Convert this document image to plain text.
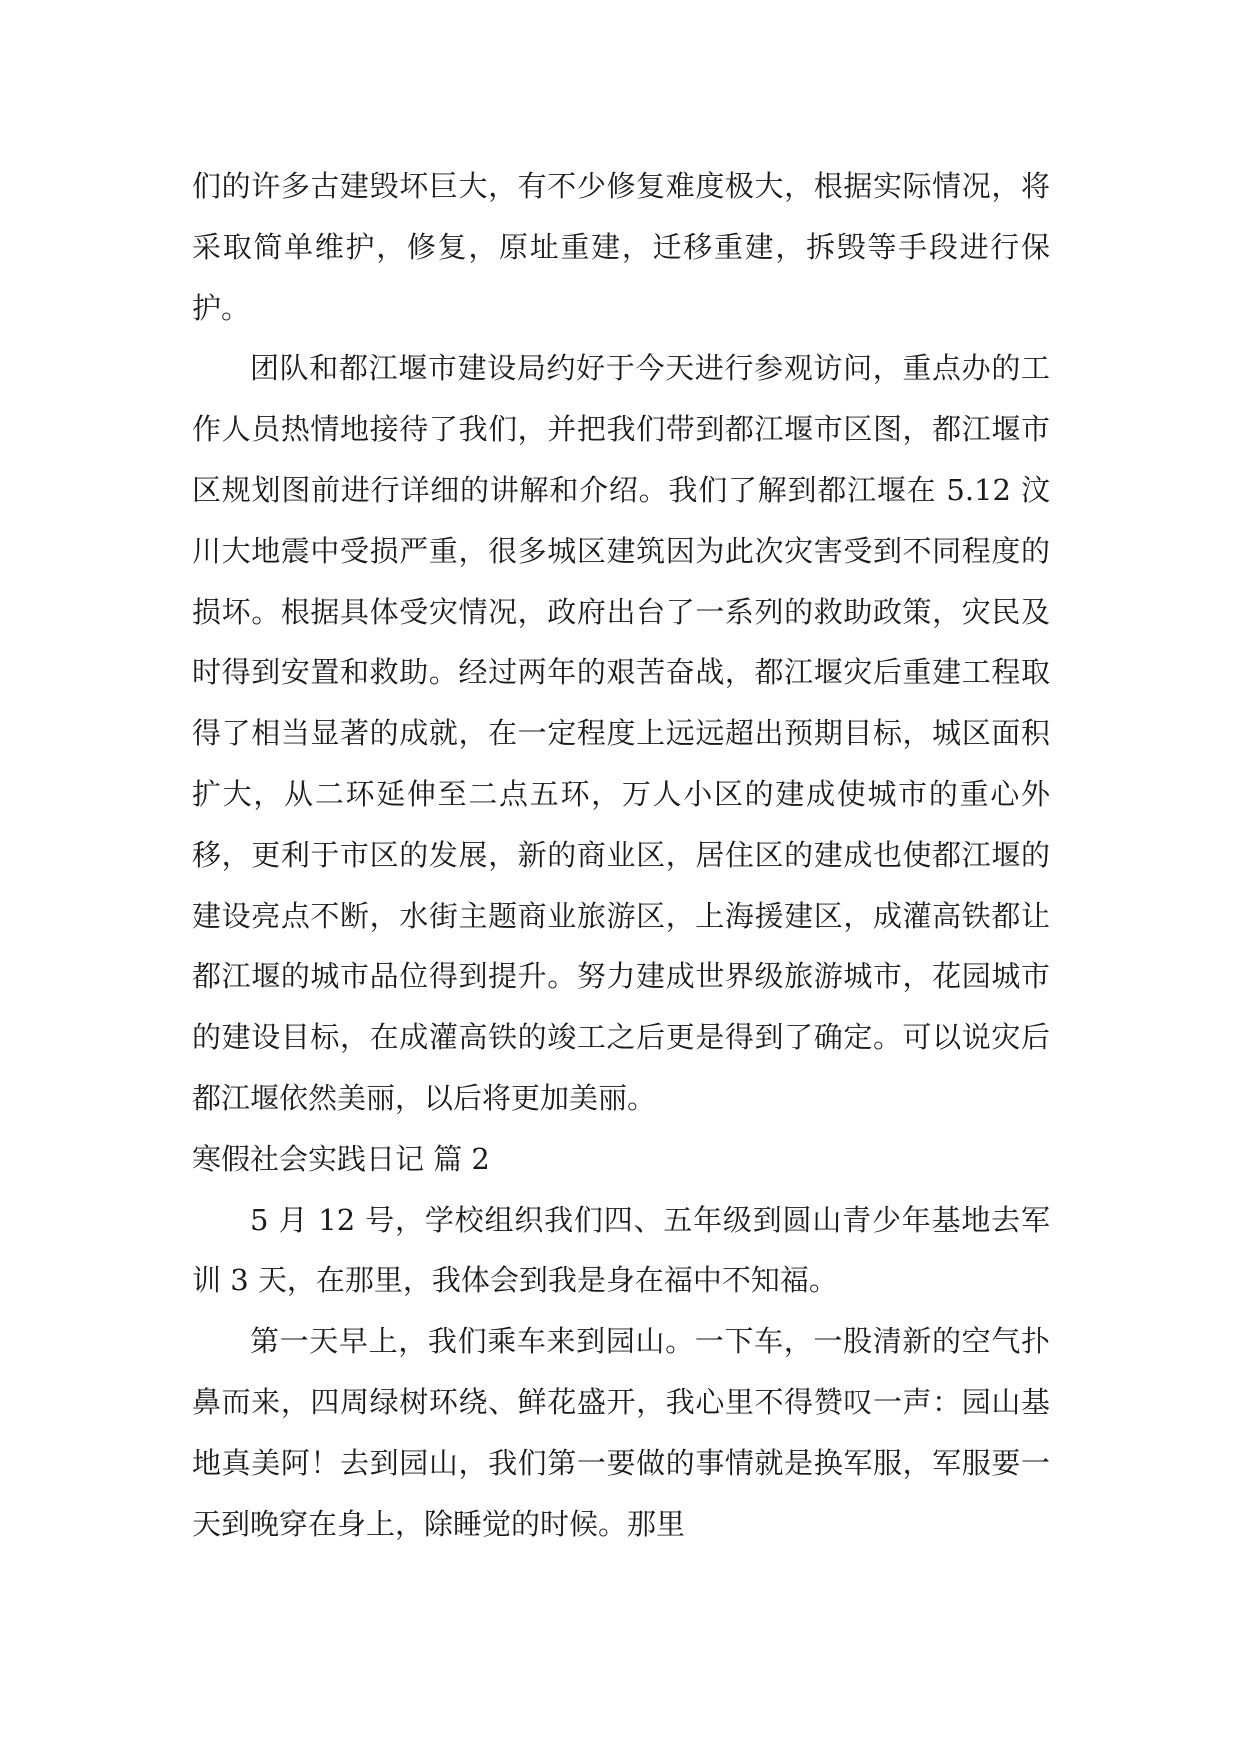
们的许多古建毁坏巨大，有不少修复难度极大，根据实际情况，将采取简单维护，修复，原址重建，迁移重建，拆毁等手段进行保护。

团队和都江堰市建设局约好于今天进行参观访问，重点办的工作人员热情地接待了我们，并把我们带到都江堰市区图，都江堰市区规划图前进行详细的讲解和介绍。我们了解到都江堰在 5.12 汶川大地震中受损严重，很多城区建筑因为此次灾害受到不同程度的损坏。根据具体受灾情况，政府出台了一系列的救助政策，灾民及时得到安置和救助。经过两年的艰苦奋战，都江堰灾后重建工程取得了相当显著的成就，在一定程度上远远超出预期目标，城区面积扩大，从二环延伸至二点五环，万人小区的建成使城市的重心外移，更利于市区的发展，新的商业区，居住区的建成也使都江堰的建设亮点不断，水街主题商业旅游区，上海援建区，成灌高铁都让都江堰的城市品位得到提升。努力建成世界级旅游城市，花园城市的建设目标，在成灌高铁的竣工之后更是得到了确定。可以说灾后都江堰依然美丽，以后将更加美丽。

寒假社会实践日记 篇 2

5 月 12 号，学校组织我们四、五年级到圆山青少年基地去军训 3 天，在那里，我体会到我是身在福中不知福。

第一天早上，我们乘车来到园山。一下车，一股清新的空气扑鼻而来，四周绿树环绕、鲜花盛开，我心里不得赞叹一声：园山基地真美阿！去到园山，我们第一要做的事情就是换军服，军服要一天到晚穿在身上，除睡觉的时候。那里
